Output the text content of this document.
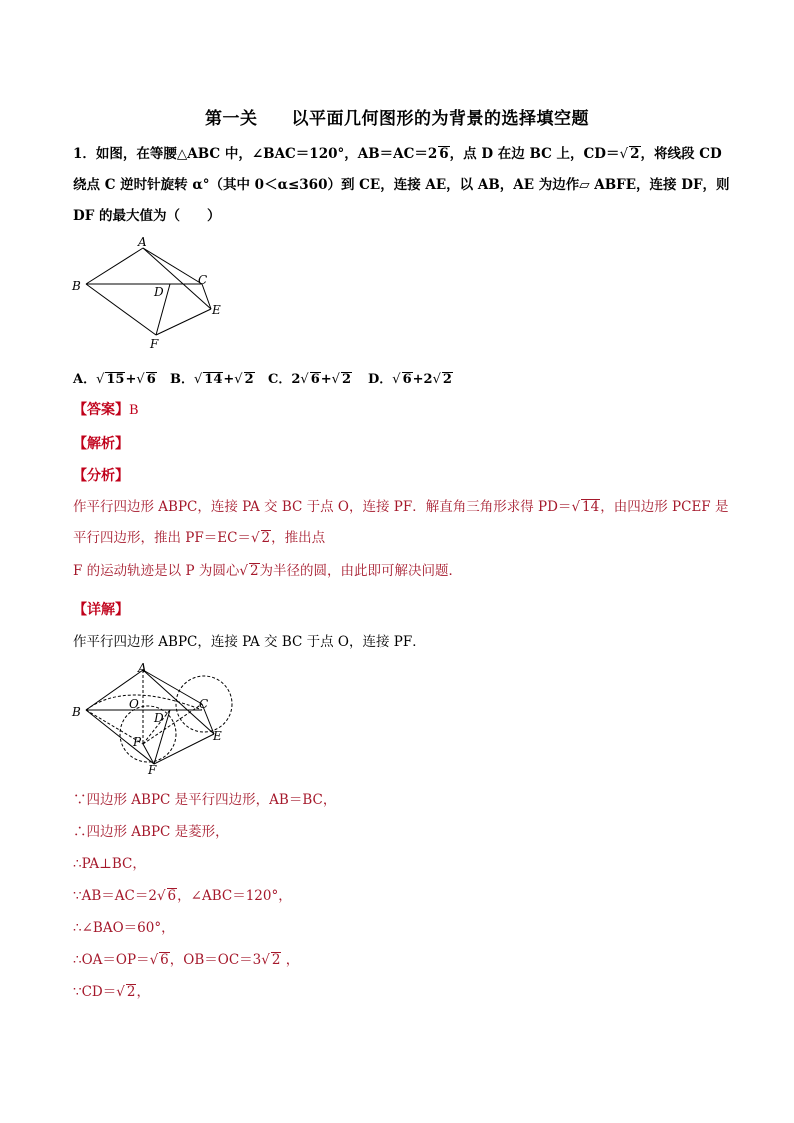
第一关 以平面几何图形的为背景的选择填空题
1．如图，在等腰△ABC 中，∠BAC＝120°，AB＝AC＝2 6，点 D 在边 BC 上，CD＝√ 2，将线段 CD
绕点 C 逆时针旋转 α°（其中 0＜α≤360）到 CE，连接 AE，以 AB，AE 为边作▱ ABFE，连接 DF，则
DF 的最大值为（　　）
A
B	C
D
E
F
A．√ 15+√ 6 B．√ 14+√ 2 C．2√ 6+√ 2 D．√ 6+2√ 2
【答案】B
【解析】
【分析】
作平行四边形 ABPC，连接 PA 交 BC 于点 O，连接 PF．解直角三角形求得 PD＝√ 14，由四边形 PCEF 是
平行四边形，推出 PF＝EC＝√ 2，推出点
F 的运动轨迹是以 P 为圆心√ 2为半径的圆，由此即可解决问题．
【详解】
作平行四边形 ABPC，连接 PA 交 BC 于点 O，连接 PF．
A
B
C
D
E
F
O
P
∵四边形 ABPC 是平行四边形，AB＝BC，
∴四边形 ABPC 是菱形，
∴PA⊥BC，
∵AB＝AC＝2√ 6，∠ABC＝120°，
∴∠BAO＝60°，
∴OA＝OP＝√ 6，OB＝OC＝3√ 2 ，
∵CD＝√ 2，
